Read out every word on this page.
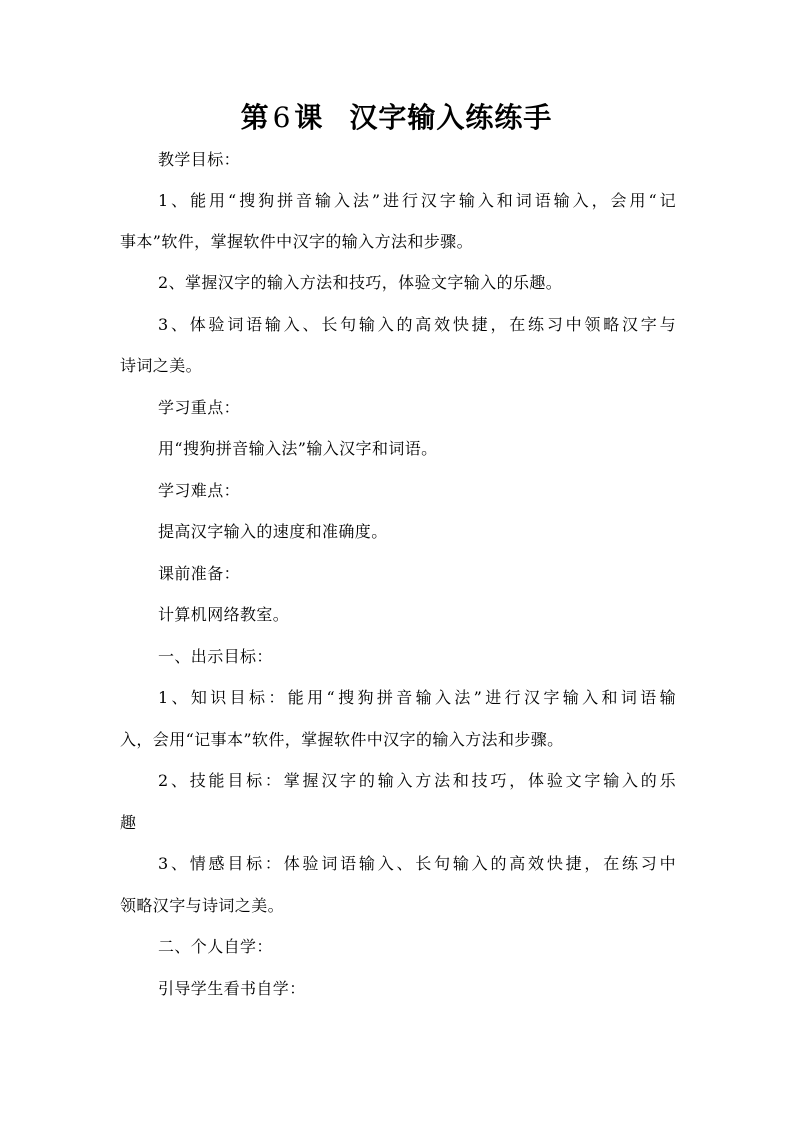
第 6 课 汉字输入练练手
教学目标：
1、能用“搜狗拼音输入法”进行汉字输入和词语输入，会用“记
事本”软件，掌握软件中汉字的输入方法和步骤。
2、掌握汉字的输入方法和技巧，体验文字输入的乐趣。
3、体验词语输入、长句输入的高效快捷，在练习中领略汉字与
诗词之美。
学习重点：
用“搜狗拼音输入法”输入汉字和词语。
学习难点：
提高汉字输入的速度和准确度。
课前准备：
计算机网络教室。
一、出示目标：
1、知识目标：能用“搜狗拼音输入法”进行汉字输入和词语输
入，会用“记事本”软件，掌握软件中汉字的输入方法和步骤。
2、技能目标：掌握汉字的输入方法和技巧，体验文字输入的乐
趣
3、情感目标：体验词语输入、长句输入的高效快捷，在练习中
领略汉字与诗词之美。
二、个人自学：
引导学生看书自学：
